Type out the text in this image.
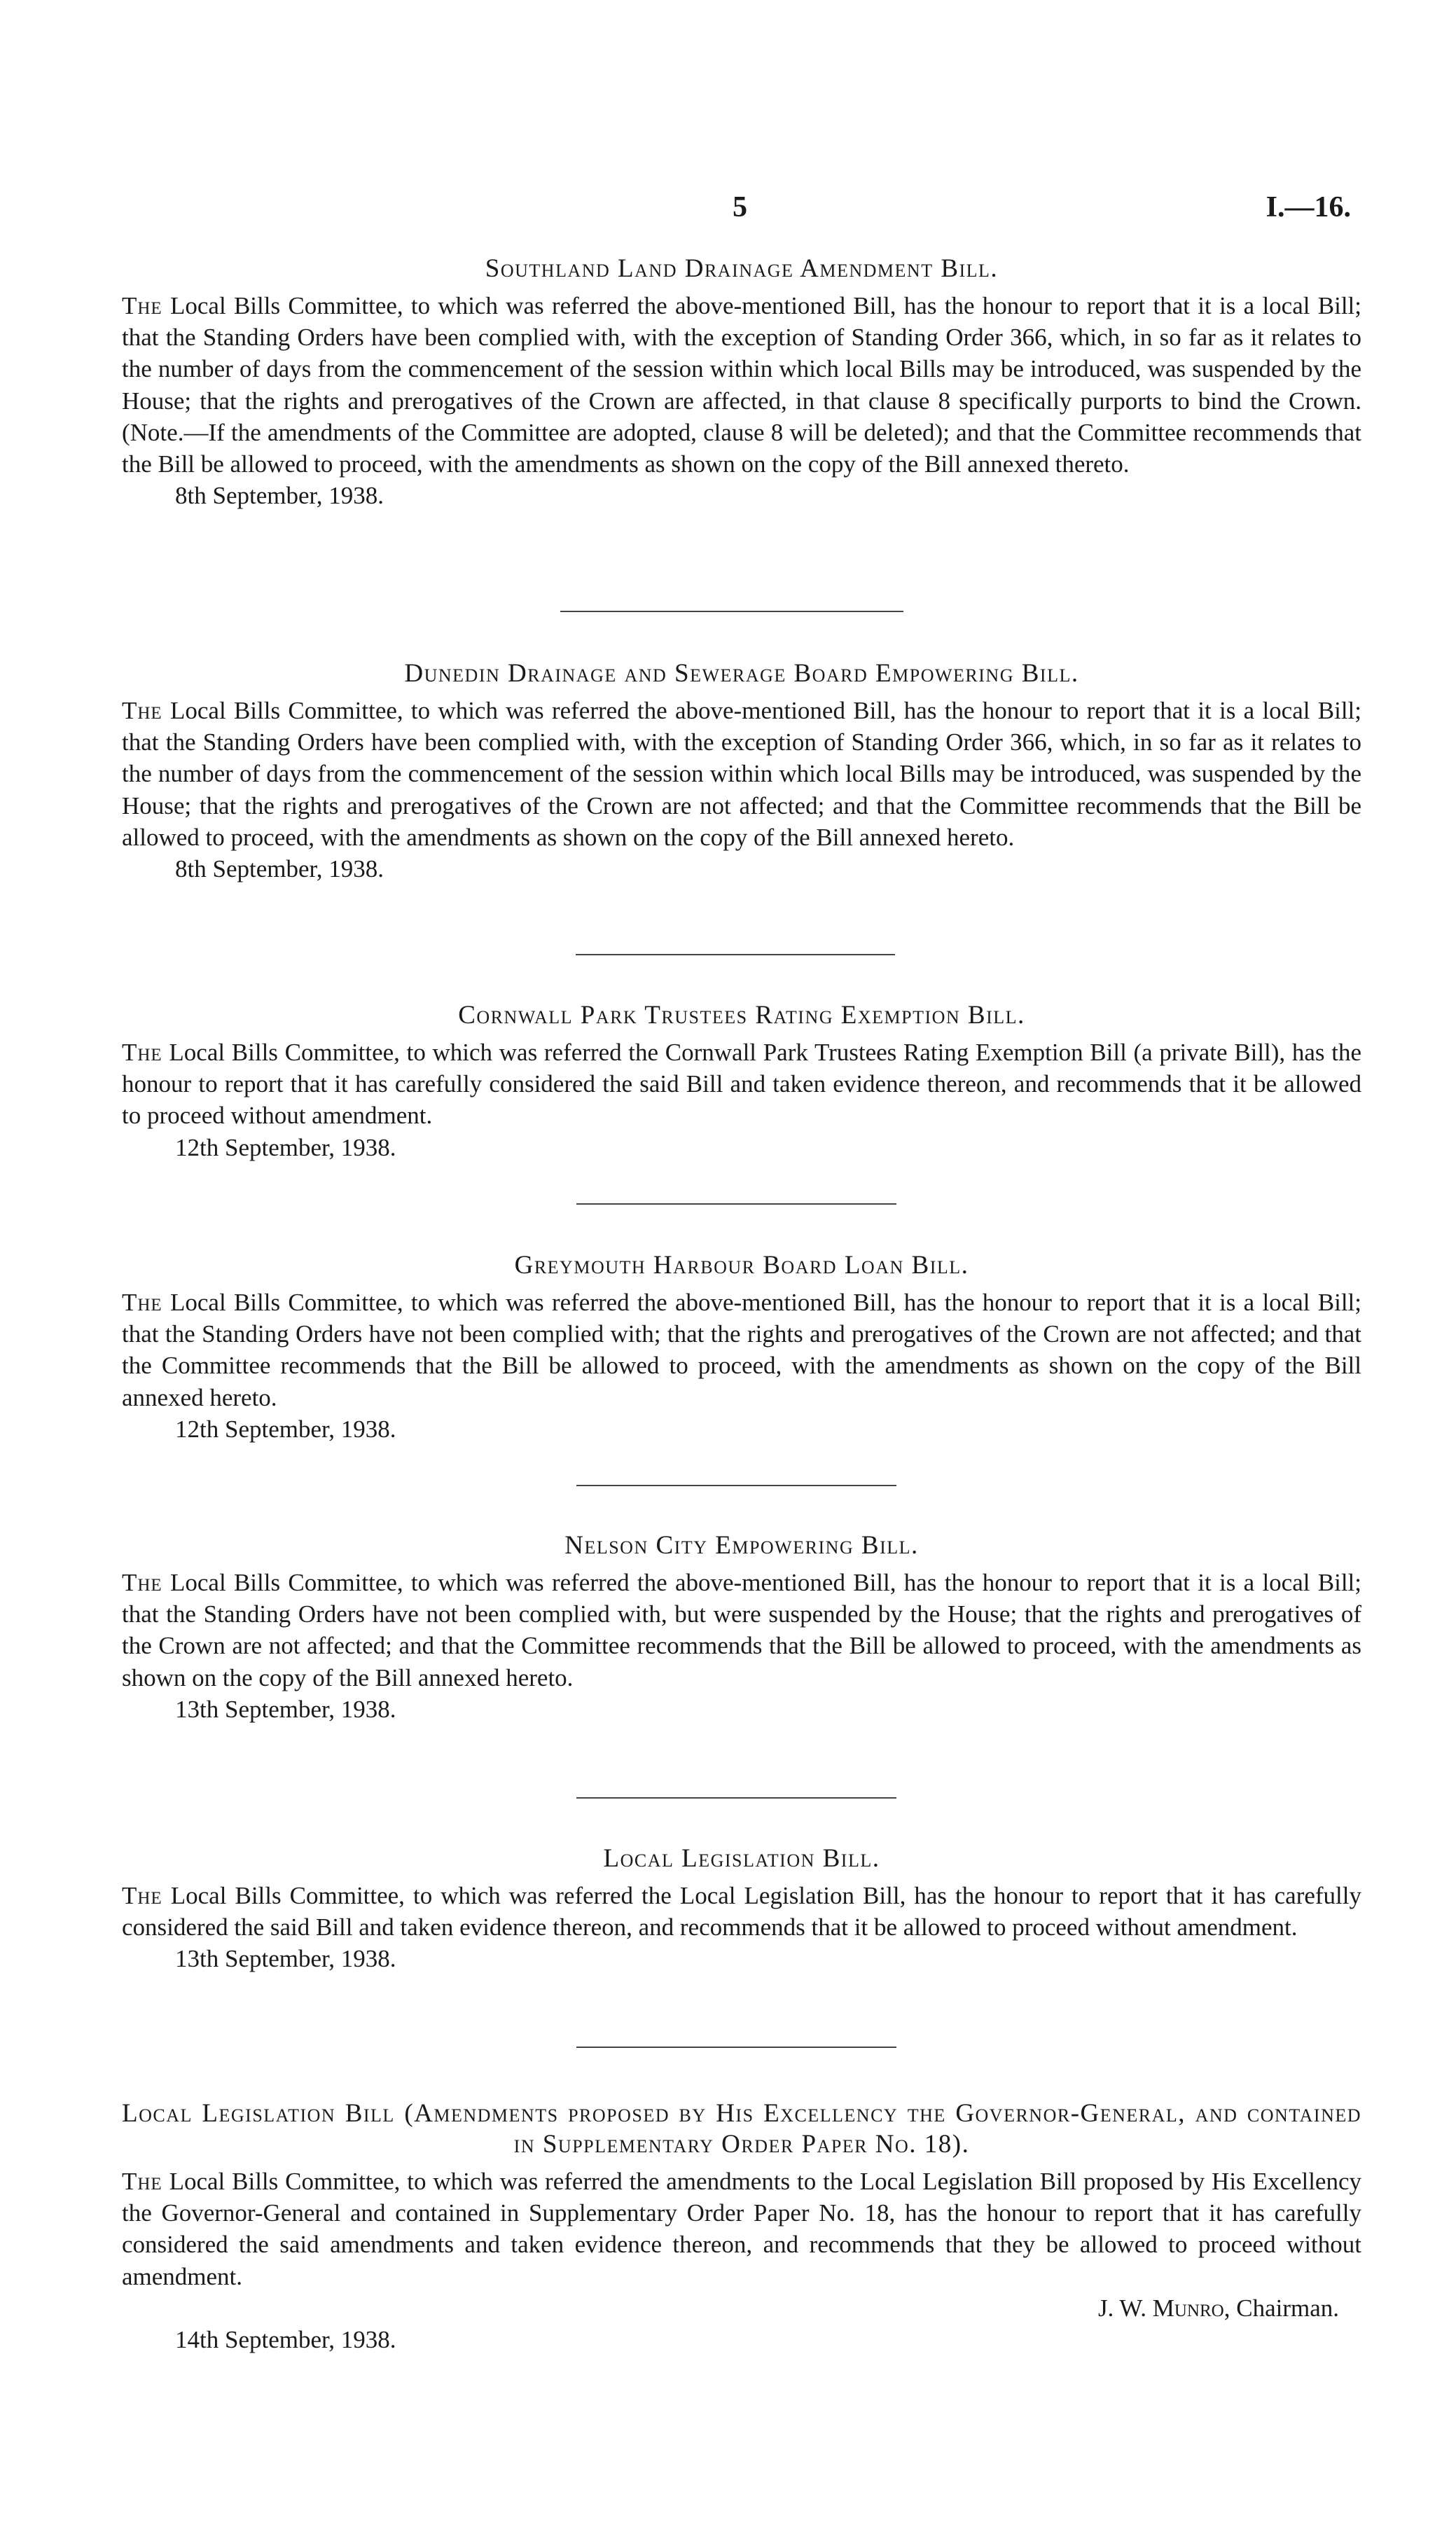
5	I.—16.
Southland Land Drainage Amendment Bill.

The Local Bills Committee, to which was referred the above-mentioned Bill, has the honour to report that it is a local Bill; that the Standing Orders have been complied with, with the exception of Standing Order 366, which, in so far as it relates to the number of days from the commencement of the session within which local Bills may be introduced, was suspended by the House; that the rights and prerogatives of the Crown are affected, in that clause 8 specifically purports to bind the Crown. (Note.—If the amendments of the Committee are adopted, clause 8 will be deleted); and that the Committee recommends that the Bill be allowed to proceed, with the amendments as shown on the copy of the Bill annexed thereto.

8th September, 1938.

Dunedin Drainage and Sewerage Board Empowering Bill.

The Local Bills Committee, to which was referred the above-mentioned Bill, has the honour to report that it is a local Bill; that the Standing Orders have been complied with, with the exception of Standing Order 366, which, in so far as it relates to the number of days from the commencement of the session within which local Bills may be introduced, was suspended by the House; that the rights and prerogatives of the Crown are not affected; and that the Committee recommends that the Bill be allowed to proceed, with the amendments as shown on the copy of the Bill annexed hereto.

8th September, 1938.

Cornwall Park Trustees Rating Exemption Bill.

The Local Bills Committee, to which was referred the Cornwall Park Trustees Rating Exemption Bill (a private Bill), has the honour to report that it has carefully considered the said Bill and taken evidence thereon, and recommends that it be allowed to proceed without amendment.

12th September, 1938.

Greymouth Harbour Board Loan Bill.

The Local Bills Committee, to which was referred the above-mentioned Bill, has the honour to report that it is a local Bill; that the Standing Orders have not been complied with; that the rights and prerogatives of the Crown are not affected; and that the Committee recommends that the Bill be allowed to proceed, with the amendments as shown on the copy of the Bill annexed hereto.

12th September, 1938.

Nelson City Empowering Bill.

The Local Bills Committee, to which was referred the above-mentioned Bill, has the honour to report that it is a local Bill; that the Standing Orders have not been complied with, but were suspended by the House; that the rights and prerogatives of the Crown are not affected; and that the Committee recommends that the Bill be allowed to proceed, with the amendments as shown on the copy of the Bill annexed hereto.

13th September, 1938.

Local Legislation Bill.

The Local Bills Committee, to which was referred the Local Legislation Bill, has the honour to report that it has carefully considered the said Bill and taken evidence thereon, and recommends that it be allowed to proceed without amendment.

13th September, 1938.

Local Legislation Bill (Amendments proposed by His Excellency the Governor-General, and contained in Supplementary Order Paper No. 18).

The Local Bills Committee, to which was referred the amendments to the Local Legislation Bill proposed by His Excellency the Governor-General and contained in Supplementary Order Paper No. 18, has the honour to report that it has carefully considered the said amendments and taken evidence thereon, and recommends that they be allowed to proceed without amendment.

J. W. Munro, Chairman.

14th September, 1938.
